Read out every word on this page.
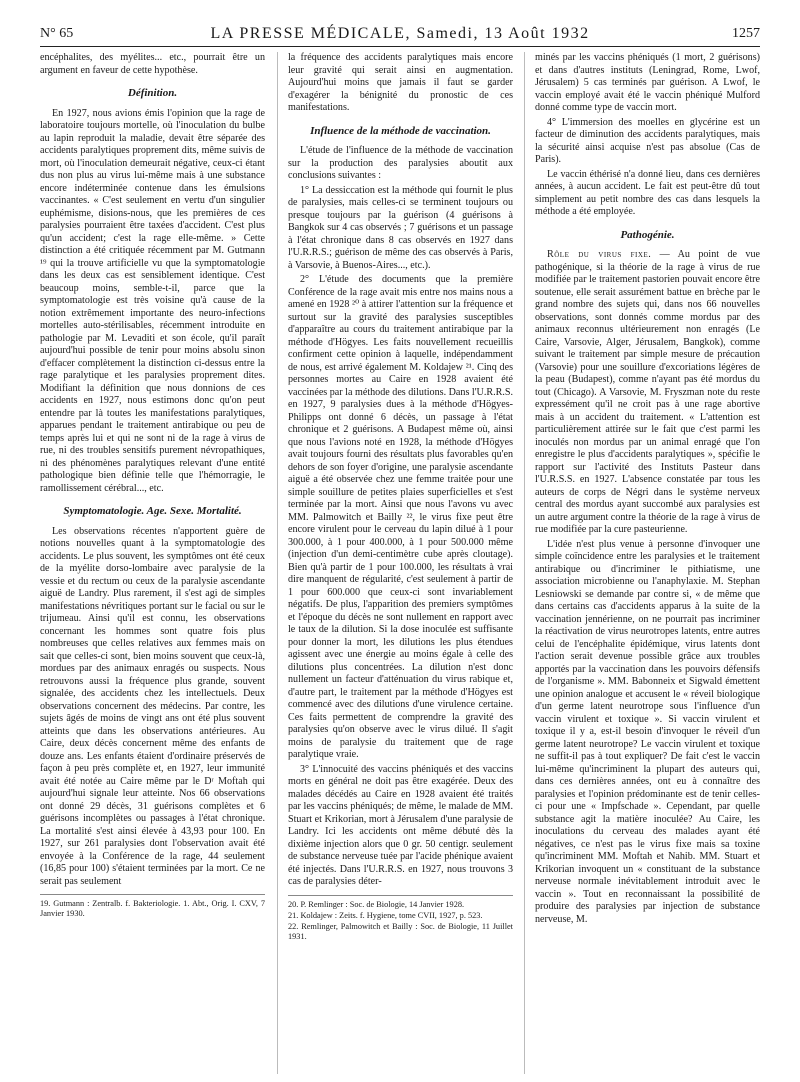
N° 65	LA PRESSE MÉDICALE, Samedi, 13 Août 1932	1257

encéphalites, des myélites... etc., pourrait être un argument en faveur de cette hypothèse.

Définition.

En 1927, nous avions émis l'opinion que la rage de laboratoire toujours mortelle, où l'inoculation du bulbe au lapin reproduit la maladie, devait être séparée des accidents paralytiques proprement dits, même suivis de mort, où l'inoculation demeurait négative, ceux-ci étant dus non plus au virus lui-même mais à une substance encore indéterminée contenue dans les émulsions vaccinantes. « C'est seulement en vertu d'un singulier euphémisme, disions-nous, que les premières de ces paralysies pourraient être taxées d'accident. C'est plus qu'un accident; c'est la rage elle-même. » Cette distinction a été critiquée récemment par M. Gutmann ¹⁹ qui la trouve artificielle vu que la symptomatologie dans les deux cas est sensiblement identique. C'est beaucoup moins, semble-t-il, parce que la symptomatologie est très voisine qu'à cause de la notion extrêmement importante des neuro-infections mortelles auto-stérilisables, récemment introduite en pathologie par M. Levaditi et son école, qu'il paraît aujourd'hui possible de tenir pour moins absolu sinon d'effacer complètement la distinction ci-dessus entre la rage paralytique et les paralysies proprement dites. Modifiant la définition que nous donnions de ces accidents en 1927, nous estimons donc qu'on peut entendre par là toutes les manifestations paralytiques, apparues pendant le traitement antirabique ou peu de temps après lui et qui ne sont ni de la rage à virus de rue, ni des troubles sensitifs purement névropathiques, ni des phénomènes paralytiques relevant d'une entité pathologique bien définie telle que l'hémorragie, le ramollissement cérébral..., etc.

Symptomatologie. Age. Sexe. Mortalité.

Les observations récentes n'apportent guère de notions nouvelles quant à la symptomatologie des accidents. Le plus souvent, les symptômes ont été ceux de la myélite dorso-lombaire avec paralysie de la vessie et du rectum ou ceux de la paralysie ascendante aiguë de Landry. Plus rarement, il s'est agi de simples manifestations névritiques portant sur le facial ou sur le trijumeau. Ainsi qu'il est connu, les observations concernant les hommes sont quatre fois plus nombreuses que celles relatives aux femmes mais on sait que celles-ci sont, bien moins souvent que ceux-là, mordues par des animaux enragés ou suspects. Nous retrouvons aussi la fréquence plus grande, souvent signalée, des accidents chez les intellectuels. Deux observations concernent des médecins. Par contre, les sujets âgés de moins de vingt ans ont été plus souvent atteints que dans les observations antérieures. Au Caire, deux décès concernent même des enfants de douze ans. Les enfants étaient d'ordinaire préservés de façon à peu près complète et, en 1927, leur immunité avait été notée au Caire même par le Dʳ Moftah qui aujourd'hui signale leur atteinte. Nos 66 observations ont donné 29 décès, 31 guérisons complètes et 6 guérisons incomplètes ou passages à l'état chronique. La mortalité s'est ainsi élevée à 43,93 pour 100. En 1927, sur 261 paralysies dont l'observation avait été envoyée à la Conférence de la rage, 44 seulement (16,85 pour 100) s'étaient terminées par la mort. Ce ne serait pas seulement

19. Gutmann : Zentralb. f. Bakteriologie. 1. Abt., Orig. I. CXV, 7 Janvier 1930.

la fréquence des accidents paralytiques mais encore leur gravité qui serait ainsi en augmentation. Aujourd'hui moins que jamais il faut se garder d'exagérer la bénignité du pronostic de ces manifestations.

Influence de la méthode de vaccination.

L'étude de l'influence de la méthode de vaccination sur la production des paralysies aboutit aux conclusions suivantes :

1° La dessiccation est la méthode qui fournit le plus de paralysies, mais celles-ci se terminent toujours ou presque toujours par la guérison (4 guérisons à Bangkok sur 4 cas observés ; 7 guérisons et un passage à l'état chronique dans 8 cas observés en 1927 dans l'U.R.R.S.; guérison de même des cas observés à Paris, à Varsovie, à Buenos-Aires..., etc.).

2° L'étude des documents que la première Conférence de la rage avait mis entre nos mains nous a amené en 1928 ²⁰ à attirer l'attention sur la fréquence et surtout sur la gravité des paralysies susceptibles d'apparaître au cours du traitement antirabique par la méthode d'Högyes. Les faits nouvellement recueillis confirment cette opinion à laquelle, indépendamment de nous, est arrivé également M. Koldajew ²¹. Cinq des personnes mortes au Caire en 1928 avaient été vaccinées par la méthode des dilutions. Dans l'U.R.R.S. en 1927, 9 paralysies dues à la méthode d'Högyes-Philipps ont donné 6 décès, un passage à l'état chronique et 2 guérisons. A Budapest même où, ainsi que nous l'avions noté en 1928, la méthode d'Högyes avait toujours fourni des résultats plus favorables qu'en dehors de son foyer d'origine, une paralysie ascendante aiguë a été observée chez une femme traitée pour une simple souillure de petites plaies superficielles et s'est terminée par la mort. Ainsi que nous l'avons vu avec MM. Palmowitch et Bailly ²², le virus fixe peut être encore virulent pour le cerveau du lapin dilué à 1 pour 300.000, à 1 pour 400.000, à 1 pour 500.000 même (injection d'un demi-centimètre cube après cloutage). Bien qu'à partir de 1 pour 100.000, les résultats à vrai dire manquent de régularité, c'est seulement à partir de 1 pour 600.000 que ceux-ci sont invariablement négatifs. De plus, l'apparition des premiers symptômes et l'époque du décès ne sont nullement en rapport avec le taux de la dilution. Si la dose inoculée est suffisante pour donner la mort, les dilutions les plus étendues agissent avec une énergie au moins égale à celle des dilutions plus concentrées. La dilution n'est donc nullement un facteur d'atténuation du virus rabique et, d'autre part, le traitement par la méthode d'Högyes est commencé avec des dilutions d'une virulence certaine. Ces faits permettent de comprendre la gravité des paralysies qu'on observe avec le virus dilué. Il s'agit moins de paralysie du traitement que de rage paralytique vraie.

3° L'innocuité des vaccins phéniqués et des vaccins morts en général ne doit pas être exagérée. Deux des malades décédés au Caire en 1928 avaient été traités par les vaccins phéniqués; de même, le malade de MM. Stuart et Krikorian, mort à Jérusalem d'une paralysie de Landry. Ici les accidents ont même débuté dès la dixième injection alors que 0 gr. 50 centigr. seulement de substance nerveuse tuée par l'acide phénique avaient été injectés. Dans l'U.R.R.S. en 1927, nous trouvons 3 cas de paralysies déter-

20. P. Remlinger : Soc. de Biologie, 14 Janvier 1928.
21. Koldajew : Zeits. f. Hygiene, tome CVII, 1927, p. 523.
22. Remlinger, Palmowitch et Bailly : Soc. de Biologie, 11 Juillet 1931.

minés par les vaccins phéniqués (1 mort, 2 guérisons) et dans d'autres instituts (Leningrad, Rome, Lwof, Jérusalem) 5 cas terminés par guérison. A Lwof, le vaccin employé avait été le vaccin phéniqué Mulford donné comme type de vaccin mort.

4° L'immersion des moelles en glycérine est un facteur de diminution des accidents paralytiques, mais la sécurité ainsi acquise n'est pas absolue (Cas de Paris).

Le vaccin éthérisé n'a donné lieu, dans ces dernières années, à aucun accident. Le fait est peut-être dû tout simplement au petit nombre des cas dans lesquels la méthode a été employée.

Pathogénie.

Rôle du virus fixe. — Au point de vue pathogénique, si la théorie de la rage à virus de rue modifiée par le traitement pastorien pouvait encore être soutenue, elle serait assurément battue en brèche par le grand nombre des sujets qui, dans nos 66 nouvelles observations, sont donnés comme mordus par des animaux reconnus ultérieurement non enragés (Le Caire, Varsovie, Alger, Jérusalem, Bangkok), comme suivant le traitement par simple mesure de précaution (Varsovie) pour une souillure d'excoriations légères de la peau (Budapest), comme n'ayant pas été mordus du tout (Chicago). A Varsovie, M. Fryszman note du reste expressément qu'il ne croit pas à une rage abortive mais à un accident du traitement. « L'attention est particulièrement attirée sur le fait que c'est parmi les inoculés non mordus par un animal enragé que l'on enregistre le plus d'accidents paralytiques », spécifie le rapport sur l'activité des Instituts Pasteur dans l'U.R.S.S. en 1927. L'absence constatée par tous les auteurs de corps de Négri dans le système nerveux central des mordus ayant succombé aux paralysies est un autre argument contre la théorie de la rage à virus de rue modifiée par la cure pasteurienne.

L'idée n'est plus venue à personne d'invoquer une simple coïncidence entre les paralysies et le traitement antirabique ou d'incriminer le pithiatisme, une association microbienne ou l'anaphylaxie. M. Stephan Lesniowski se demande par contre si, « de même que dans certains cas d'accidents apparus à la suite de la vaccination jennérienne, on ne pourrait pas incriminer la réactivation de virus neurotropes latents, entre autres celui de l'encéphalite épidémique, virus latents dont l'action serait devenue possible grâce aux troubles apportés par la vaccination dans les pouvoirs défensifs de l'organisme ». MM. Babonneix et Sigwald émettent une opinion analogue et accusent le « réveil biologique d'un germe latent neurotrope sous l'influence d'un vaccin virulent et toxique ». Si vaccin virulent et toxique il y a, est-il besoin d'invoquer le réveil d'un germe latent neurotrope? Le vaccin virulent et toxique ne suffit-il pas à tout expliquer? De fait c'est le vaccin lui-même qu'incriminent la plupart des auteurs qui, dans ces dernières années, ont eu à connaître des paralysies et l'opinion prédominante est de tenir celles-ci pour une « Impfschade ». Cependant, par quelle substance agit la matière inoculée? Au Caire, les inoculations du cerveau des malades ayant été négatives, ce n'est pas le virus fixe mais sa toxine qu'incriminent MM. Moftah et Nahib. MM. Stuart et Krikorian invoquent un « constituant de la substance nerveuse normale inévitablement introduit avec le vaccin ». Tout en reconnaissant la possibilité de produire des paralysies par injection de substance nerveuse, M.
